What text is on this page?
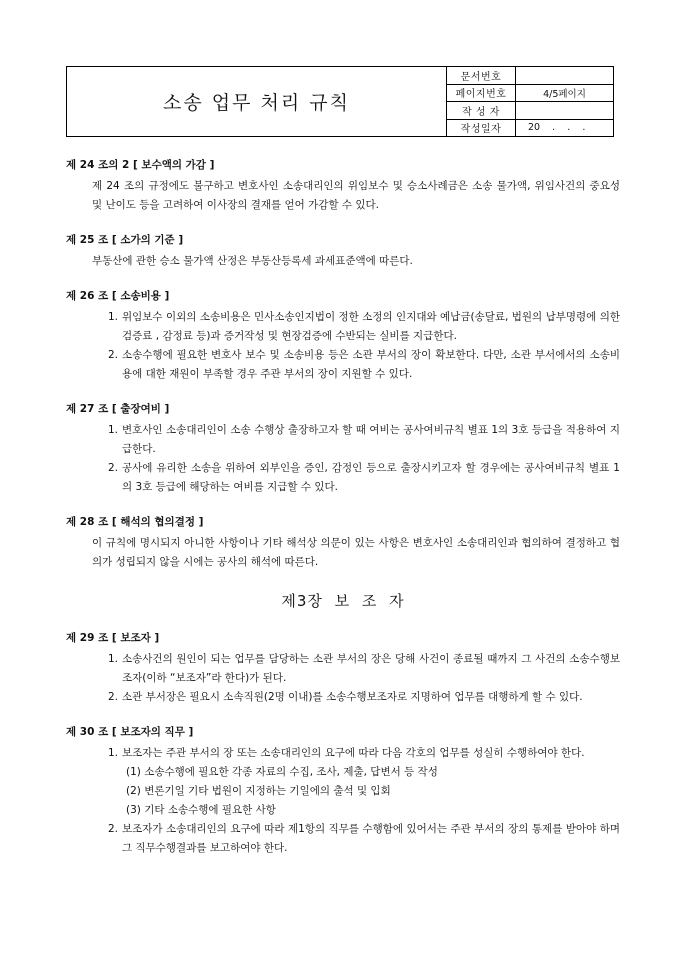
소송 업무 처리 규칙
문서번호
페이지번호	4/5페이지
작 성 자
작성일자	20    .    .    .
제 24 조의 2 [ 보수액의 가감 ]
제 24 조의 규정에도 불구하고 변호사인 소송대리인의 위임보수 및 승소사례금은 소송 물가액, 위임사건의 중요성 및 난이도 등을 고려하여 이사장의 결재를 얻어 가감할 수 있다.
제 25 조 [ 소가의 기준 ]
부동산에 관한 승소 물가액 산정은 부동산등록세 과세표준액에 따른다.
제 26 조 [ 소송비용 ]
1. 위임보수 이외의 소송비용은 민사소송인지법이 정한 소정의 인지대와 예납금(송달료, 법원의 납부명령에 의한 검증료 , 감정료 등)과 증거작성 및 현장검증에 수반되는 실비를 지급한다.
2. 소송수행에 필요한 변호사 보수 및 소송비용 등은 소관 부서의 장이 확보한다. 다만, 소관 부서에서의 소송비용에 대한 재원이 부족할 경우 주관 부서의 장이 지원할 수 있다.
제 27 조 [ 출장여비 ]
1. 변호사인 소송대리인이 소송 수행상 출장하고자 할 때 여비는 공사여비규칙 별표 1의 3호 등급을 적용하여 지급한다.
2. 공사에 유리한 소송을 위하여 외부인을 증인, 감정인 등으로 출장시키고자 할 경우에는 공사여비규칙 별표 1의 3호 등급에 해당하는 여비를 지급할 수 있다.
제 28 조 [ 해석의 협의결정 ]
이 규칙에 명시되지 아니한 사항이나 기타 해석상 의문이 있는 사항은 변호사인 소송대리인과 협의하여 결정하고 협의가 성립되지 않을 시에는 공사의 해석에 따른다.
제3장 보 조 자
제 29 조 [ 보조자 ]
1. 소송사건의 원인이 되는 업무를 담당하는 소관 부서의 장은 당해 사건이 종료될 때까지 그 사건의 소송수행보조자(이하 “보조자”라 한다)가 된다.
2. 소관 부서장은 필요시 소속직원(2명 이내)를 소송수행보조자로 지명하여 업무를 대행하게 할 수 있다.
제 30 조 [ 보조자의 직무 ]
1. 보조자는 주관 부서의 장 또는 소송대리인의 요구에 따라 다음 각호의 업무를 성실히 수행하여야 한다.
(1) 소송수행에 필요한 각종 자료의 수집, 조사, 제출, 답변서 등 작성
(2) 변론기일 기타 법원이 지정하는 기일에의 출석 및 입회
(3) 기타 소송수행에 필요한 사항
2. 보조자가 소송대리인의 요구에 따라 제1항의 직무를 수행함에 있어서는 주관 부서의 장의 통제를 받아야 하며 그 직무수행결과를 보고하여야 한다.
